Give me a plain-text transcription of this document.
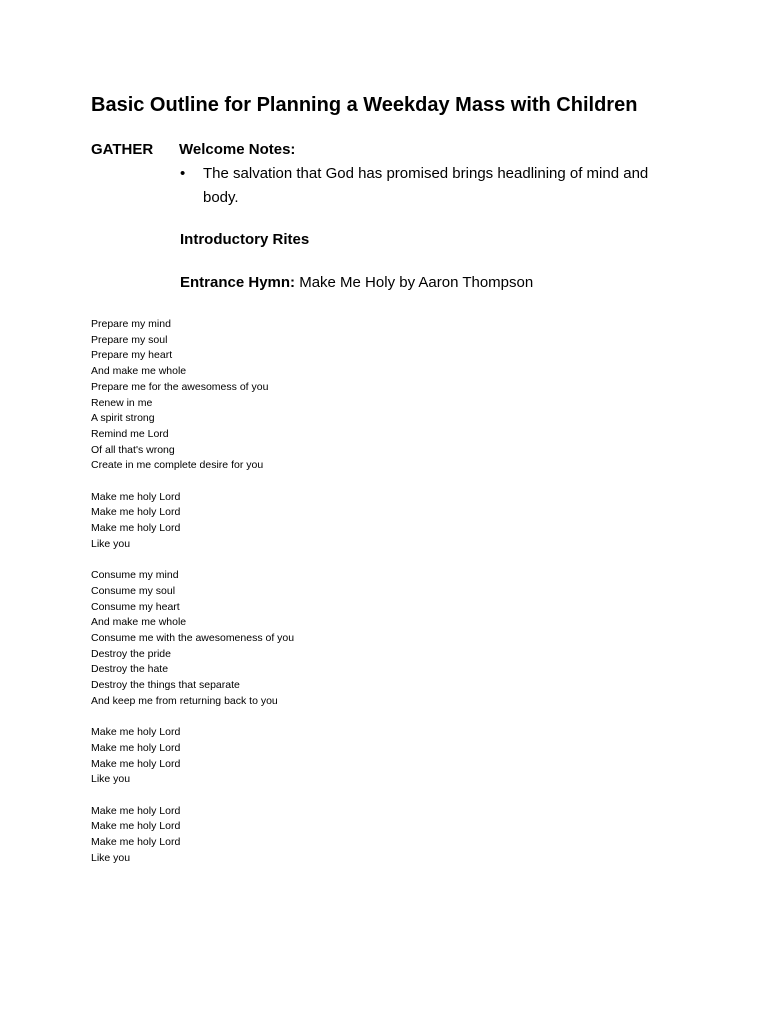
Basic Outline for Planning a Weekday Mass with Children
GATHER Welcome Notes:
•	The salvation that God has promised brings headlining of mind and body.
Introductory Rites
Entrance Hymn: Make Me Holy by Aaron Thompson
Prepare my mind
Prepare my soul
Prepare my heart
And make me whole
Prepare me for the awesomess of you
Renew in me
A spirit strong
Remind me Lord
Of all that's wrong
Create in me complete desire for you
Make me holy Lord
Make me holy Lord
Make me holy Lord
Like you
Consume my mind
Consume my soul
Consume my heart
And make me whole
Consume me with the awesomeness of you
Destroy the pride
Destroy the hate
Destroy the things that separate
And keep me from returning back to you
Make me holy Lord
Make me holy Lord
Make me holy Lord
Like you
Make me holy Lord
Make me holy Lord
Make me holy Lord
Like you
